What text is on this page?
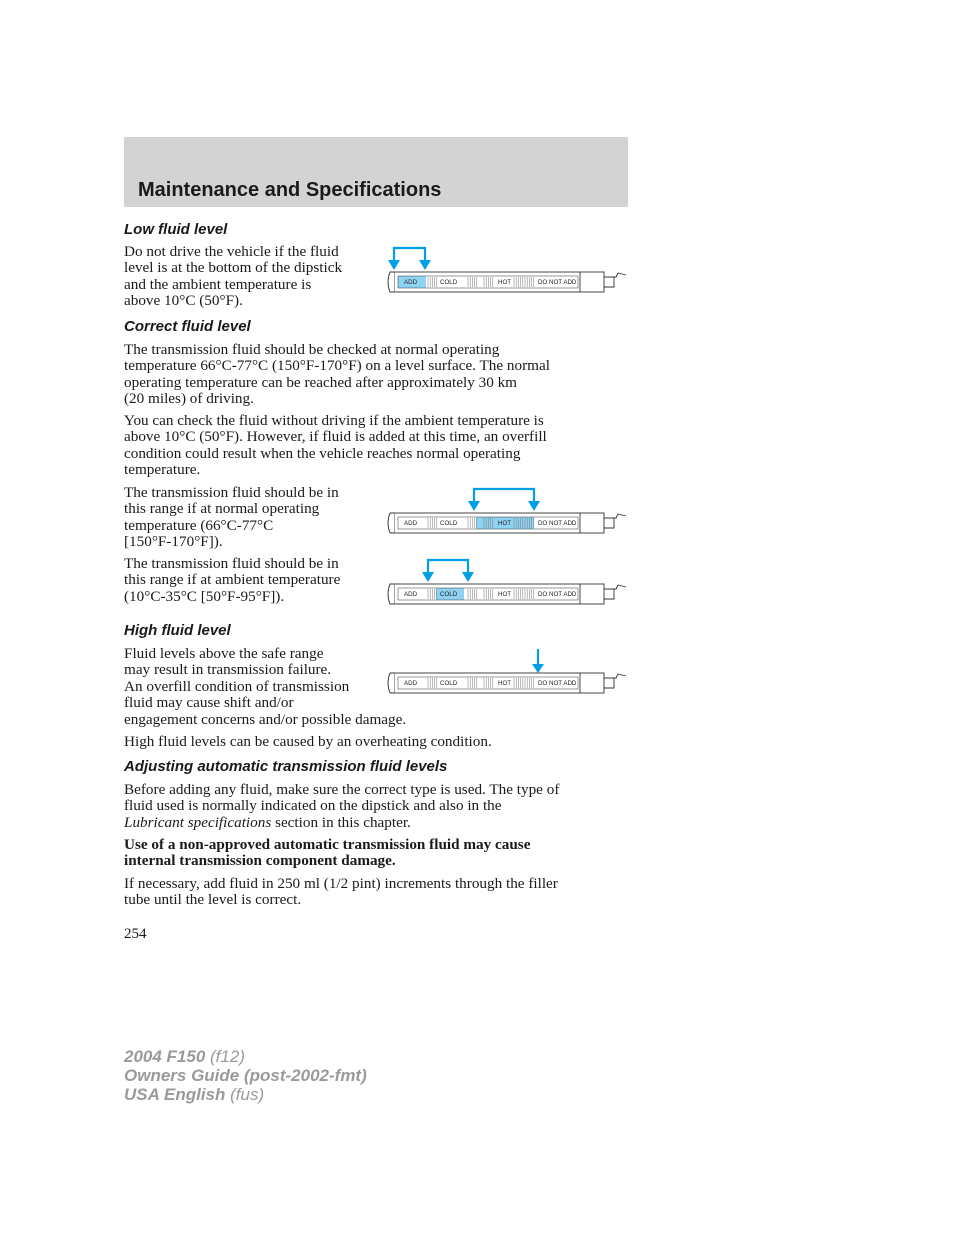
Maintenance and Specifications
Low fluid level

Do not drive the vehicle if the fluid
level is at the bottom of the dipstick
and the ambient temperature is
above 10°C (50°F).

ADD	COLD	HOT	DO NOT ADD
Correct fluid level

The transmission fluid should be checked at normal operating
temperature 66°C-77°C (150°F-170°F) on a level surface. The normal
operating temperature can be reached after approximately 30 km
(20 miles) of driving.

You can check the fluid without driving if the ambient temperature is
above 10°C (50°F). However, if fluid is added at this time, an overfill
condition could result when the vehicle reaches normal operating
temperature.

The transmission fluid should be in
this range if at normal operating
temperature (66°C-77°C
[150°F-170°F]).

ADD	COLD	HOT	DO NOT ADD

The transmission fluid should be in
this range if at ambient temperature
(10°C-35°C [50°F-95°F]).	ADD	COLD	HOT	DO NOT ADD
High fluid level

Fluid levels above the safe range
may result in transmission failure.
An overfill condition of transmission
fluid may cause shift and/or
engagement concerns and/or possible damage.

ADD	COLD	HOT	DO NOT ADD

High fluid levels can be caused by an overheating condition.

Adjusting automatic transmission fluid levels

Before adding any fluid, make sure the correct type is used. The type of
fluid used is normally indicated on the dipstick and also in the
Lubricant specifications section in this chapter.

Use of a non-approved automatic transmission fluid may cause
internal transmission component damage.

If necessary, add fluid in 250 ml (1/2 pint) increments through the filler
tube until the level is correct.

254

2004 F150 (f12)
Owners Guide (post-2002-fmt)
USA English (fus)
